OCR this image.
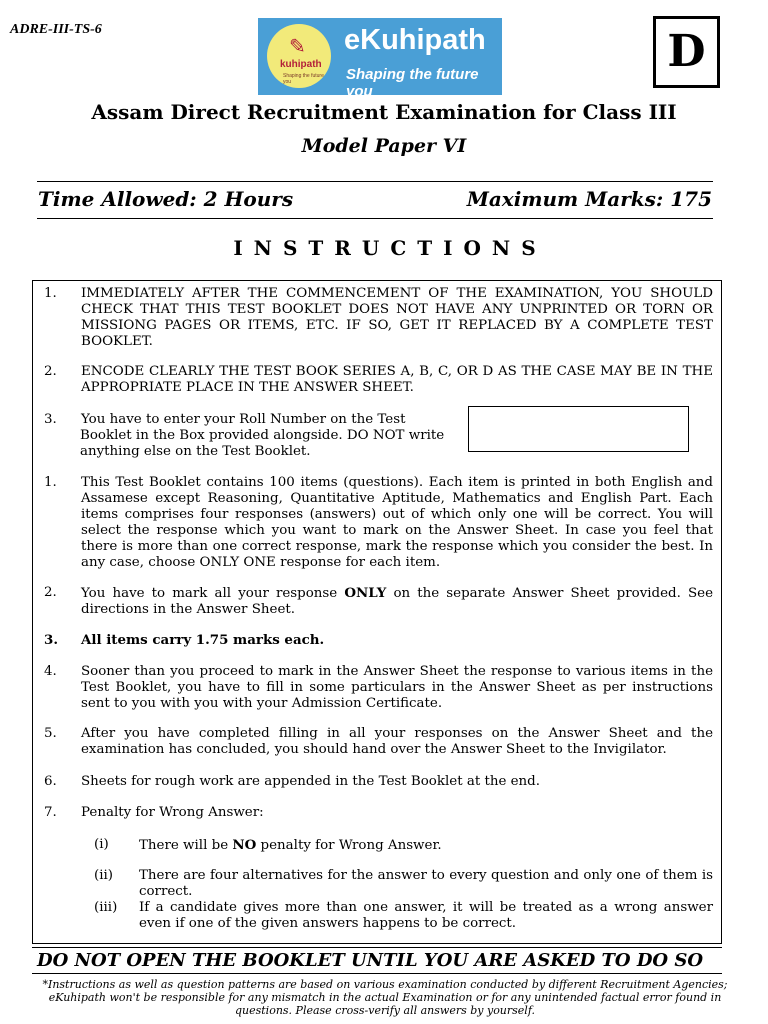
ADRE-III-TS-6
✎
kuhipath
Shaping the future you
eKuhipath
Shaping the future you
D
Assam Direct Recruitment Examination for Class III
Model Paper VI
Time Allowed: 2 Hours	Maximum Marks: 175
INSTRUCTIONS
1. IMMEDIATELY AFTER THE COMMENCEMENT OF THE EXAMINATION, YOU SHOULD CHECK THAT THIS TEST BOOKLET DOES NOT HAVE ANY UNPRINTED OR TORN OR MISSIONG PAGES OR ITEMS, ETC. IF SO, GET IT REPLACED BY A COMPLETE TEST BOOKLET.
2. ENCODE CLEARLY THE TEST BOOK SERIES A, B, C, OR D AS THE CASE MAY BE IN THE APPROPRIATE PLACE IN THE ANSWER SHEET.
3. You have to enter your Roll Number on the Test
Booklet in the Box provided alongside. DO NOT write
anything else on the Test Booklet.
1. This Test Booklet contains 100 items (questions). Each item is printed in both English and Assamese except Reasoning, Quantitative Aptitude, Mathematics and English Part. Each items comprises four responses (answers) out of which only one will be correct. You will select the response which you want to mark on the Answer Sheet. In case you feel that there is more than one correct response, mark the response which you consider the best. In any case, choose ONLY ONE response for each item.
2. You have to mark all your response ONLY on the separate Answer Sheet provided. See directions in the Answer Sheet.
3. All items carry 1.75 marks each.
4. Sooner than you proceed to mark in the Answer Sheet the response to various items in the Test Booklet, you have to fill in some particulars in the Answer Sheet as per instructions sent to you with you with your Admission Certificate.
5. After you have completed filling in all your responses on the Answer Sheet and the examination has concluded, you should hand over the Answer Sheet to the Invigilator.
6. Sheets for rough work are appended in the Test Booklet at the end.
7. Penalty for Wrong Answer:
(i) There will be NO penalty for Wrong Answer.
(ii) There are four alternatives for the answer to every question and only one of them is correct.
(iii) If a candidate gives more than one answer, it will be treated as a wrong answer even if one of the given answers happens to be correct.
DO NOT OPEN THE BOOKLET UNTIL YOU ARE ASKED TO DO SO
*Instructions as well as question patterns are based on various examination conducted by different Recruitment Agencies; eKuhipath won't be responsible for any mismatch in the actual Examination or for any unintended factual error found in questions. Please cross-verify all answers by yourself.
